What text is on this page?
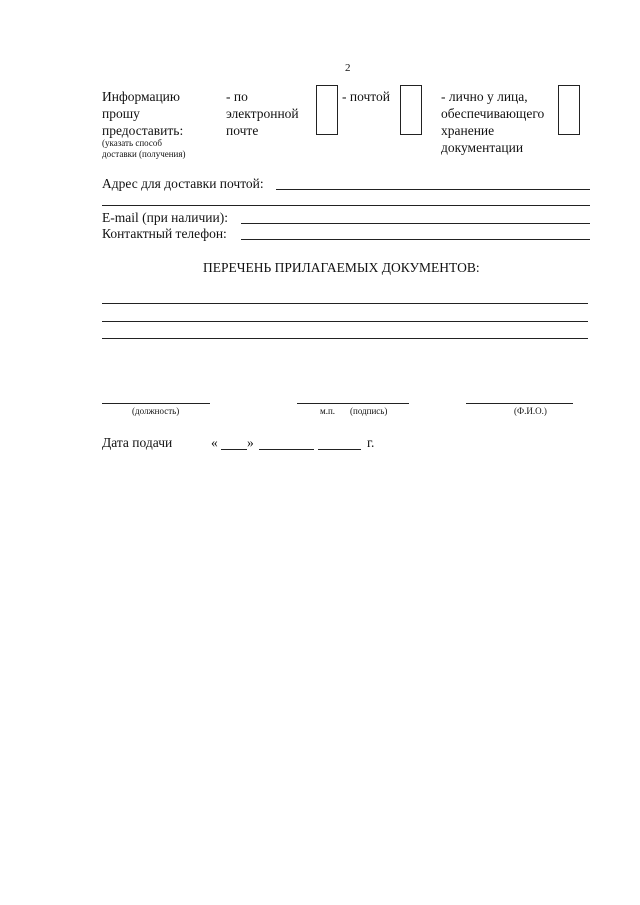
2
Информацию
прошу
предоставить:
(указать способ
доставки (получения)
- по
электронной
почте
- почтой	- лично у лица,
обеспечивающего
хранение
документации
Адрес для доставки почтой:
E-mail (при наличии):
Контактный телефон:
ПЕРЕЧЕНЬ ПРИЛАГАЕМЫХ ДОКУМЕНТОВ:
(должность)	м.п. (подпись)	(Ф.И.О.)
Дата подачи	« »	г.
